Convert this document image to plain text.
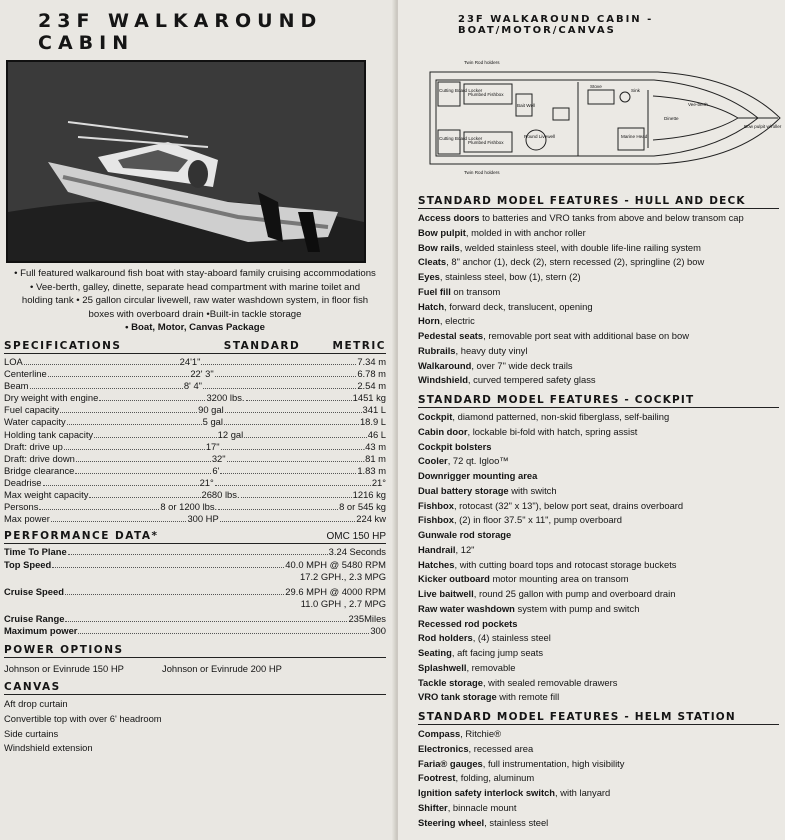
23F WALKAROUND CABIN
• Full featured walkaround fish boat with stay-aboard family cruising accommodations • Vee-berth, galley, dinette, separate head compartment with marine toilet and holding tank • 25 gallon circular livewell, raw water washdown system, in floor fish boxes with overboard drain •Built-in tackle storage
• Boat, Motor, Canvas Package
SPECIFICATIONS	STANDARD	METRIC
LOA	24'1"	7.34 m
Centerline	22' 3"	6.78 m
Beam	8' 4"	2.54 m
Dry weight with engine	3200 lbs.	1451 kg
Fuel capacity	90 gal	341 L
Water capacity	5 gal	18.9 L
Holding tank capacity	12 gal	46 L
Draft: drive up	17"	.43 m
Draft: drive down	32"	.81 m
Bridge clearance	6'	1.83 m
Deadrise	21°	21°
Max weight capacity	2680 lbs.	1216 kg
Persons	8 or 1200 lbs.	8 or 545 kg
Max power	300 HP	224 kw
PERFORMANCE DATA*	OMC 150 HP
Time To Plane	3.24 Seconds
Top Speed	40.0 MPH @ 5480 RPM
17.2 GPH., 2.3 MPG
Cruise Speed	29.6 MPH @ 4000 RPM
11.0 GPH , 2.7 MPG
Cruise Range	235Miles
Maximum power	300
POWER OPTIONS
Johnson or Evinrude 150 HP	Johnson or Evinrude 200 HP
CANVAS
Aft drop curtain
Convertible top with over 6' headroom
Side curtains
Windshield extension
23F WALKAROUND CABIN - BOAT/MOTOR/CANVAS
Twin Rod holders
Twin Rod holders
Cutting Board Locker
Cutting Board Locker
Plumbed Fishbox
Plumbed Fishbox
Bait Well
Round Livewell
Stove
Sink
Marine Head
Dinette
Vee-berth
Bow pulpit w/roller
STANDARD MODEL FEATURES - HULL AND DECK
Access doors to batteries and VRO tanks from above and below transom cap
Bow pulpit, molded in with anchor roller
Bow rails, welded stainless steel, with double life-line railing system
Cleats, 8" anchor (1), deck (2), stern recessed (2), springline (2) bow
Eyes, stainless steel, bow (1), stern (2)
Fuel fill on transom
Hatch, forward deck, translucent, opening
Horn, electric
Pedestal seats, removable port seat with additional base on bow
Rubrails, heavy duty vinyl
Walkaround, over 7" wide deck trails
Windshield, curved tempered safety glass
STANDARD MODEL FEATURES - COCKPIT
Cockpit, diamond patterned, non-skid fiberglass, self-bailing
Cabin door, lockable bi-fold with hatch, spring assist
Cockpit bolsters
Cooler, 72 qt. Igloo™
Downrigger mounting area
Dual battery storage with switch
Fishbox, rotocast (32" x 13"), below port seat, drains overboard
Fishbox, (2) in floor 37.5" x 11", pump overboard
Gunwale rod storage
Handrail, 12"
Hatches, with cutting board tops and rotocast storage buckets
Kicker outboard motor mounting area on transom
Live baitwell, round 25 gallon with pump and overboard drain
Raw water washdown system with pump and switch
Recessed rod pockets
Rod holders, (4) stainless steel
Seating, aft facing jump seats
Splashwell, removable
Tackle storage, with sealed removable drawers
VRO tank storage with remote fill
STANDARD MODEL FEATURES - HELM STATION
Compass, Ritchie®
Electronics, recessed area
Faria® gauges, full instrumentation, high visibility
Footrest, folding, aluminum
Ignition safety interlock switch, with lanyard
Shifter, binnacle mount
Steering wheel, stainless steel
